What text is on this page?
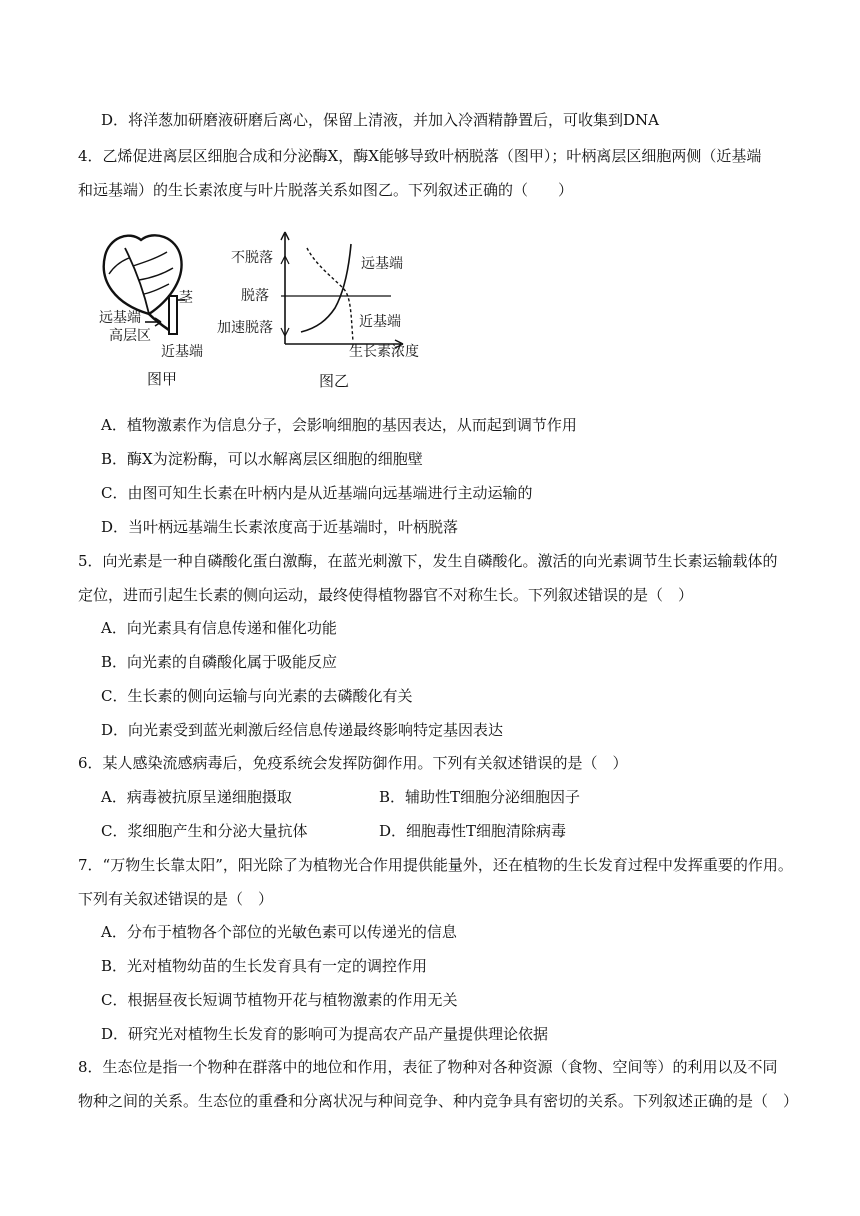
D．将洋葱加研磨液研磨后离心，保留上清液，并加入冷酒精静置后，可收集到DNA
4．乙烯促进离层区细胞合成和分泌酶X，酶X能够导致叶柄脱落（图甲）；叶柄离层区细胞两侧（近基端
和远基端）的生长素浓度与叶片脱落关系如图乙。下列叙述正确的（　　）
茎
远基端
高层区
近基端
图甲
不脱落
脱落
加速脱落
远基端
近基端
生长素浓度
图乙
A．植物激素作为信息分子，会影响细胞的基因表达，从而起到调节作用
B．酶X为淀粉酶，可以水解离层区细胞的细胞壁
C．由图可知生长素在叶柄内是从近基端向远基端进行主动运输的
D．当叶柄远基端生长素浓度高于近基端时，叶柄脱落
5．向光素是一种自磷酸化蛋白激酶，在蓝光刺激下，发生自磷酸化。激活的向光素调节生长素运输载体的
定位，进而引起生长素的侧向运动，最终使得植物器官不对称生长。下列叙述错误的是（　）
A．向光素具有信息传递和催化功能
B．向光素的自磷酸化属于吸能反应
C．生长素的侧向运输与向光素的去磷酸化有关
D．向光素受到蓝光刺激后经信息传递最终影响特定基因表达
6．某人感染流感病毒后，免疫系统会发挥防御作用。下列有关叙述错误的是（　）
A．病毒被抗原呈递细胞摄取	B．辅助性T细胞分泌细胞因子
C．浆细胞产生和分泌大量抗体	D．细胞毒性T细胞清除病毒
7．“万物生长靠太阳”，阳光除了为植物光合作用提供能量外，还在植物的生长发育过程中发挥重要的作用。
下列有关叙述错误的是（　）
A．分布于植物各个部位的光敏色素可以传递光的信息
B．光对植物幼苗的生长发育具有一定的调控作用
C．根据昼夜长短调节植物开花与植物激素的作用无关
D．研究光对植物生长发育的影响可为提高农产品产量提供理论依据
8．生态位是指一个物种在群落中的地位和作用，表征了物种对各种资源（食物、空间等）的利用以及不同
物种之间的关系。生态位的重叠和分离状况与种间竞争、种内竞争具有密切的关系。下列叙述正确的是（　）
